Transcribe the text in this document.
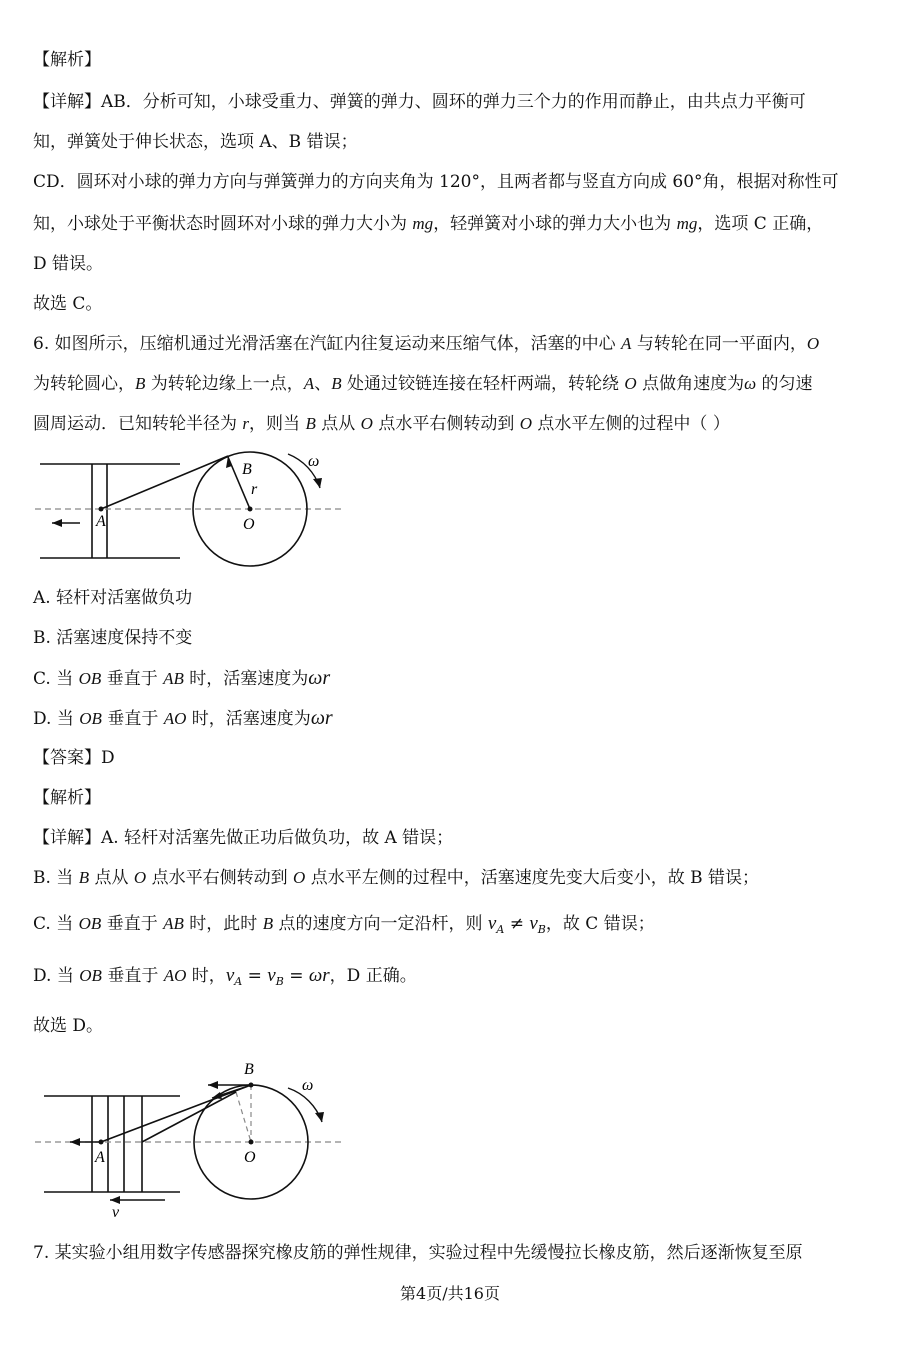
【解析】
【详解】AB．分析可知，小球受重力、弹簧的弹力、圆环的弹力三个力的作用而静止，由共点力平衡可
知，弹簧处于伸长状态，选项 A、B 错误；
CD．圆环对小球的弹力方向与弹簧弹力的方向夹角为 120°，且两者都与竖直方向成 60°角，根据对称性可
知，小球处于平衡状态时圆环对小球的弹力大小为 mg，轻弹簧对小球的弹力大小也为 mg，选项 C 正确，
D 错误。
故选 C。
6. 如图所示，压缩机通过光滑活塞在汽缸内往复运动来压缩气体，活塞的中心 A 与转轮在同一平面内，O
为转轮圆心，B 为转轮边缘上一点，A、B 处通过铰链连接在轻杆两端，转轮绕 O 点做角速度为ω 的匀速
圆周运动．已知转轮半径为 r，则当 B 点从 O 点水平右侧转动到 O 点水平左侧的过程中（ ）
B
r
A	O
ω
A. 轻杆对活塞做负功
B. 活塞速度保持不变
C. 当 OB 垂直于 AB 时，活塞速度为ωr
D. 当 OB 垂直于 AO 时，活塞速度为ωr
【答案】D
【解析】
【详解】A. 轻杆对活塞先做正功后做负功，故 A 错误；
B. 当 B 点从 O 点水平右侧转动到 O 点水平左侧的过程中，活塞速度先变大后变小，故 B 错误；
C. 当 OB 垂直于 AB 时，此时 B 点的速度方向一定沿杆，则 $v_A \ne v_B$，故 C 错误；
D. 当 OB 垂直于 AO 时，$v_A = v_B = \omega r$，D 正确。
故选 D。
B
A	O
ω
v
7. 某实验小组用数字传感器探究橡皮筋的弹性规律，实验过程中先缓慢拉长橡皮筋，然后逐渐恢复至原
第4页/共16页
